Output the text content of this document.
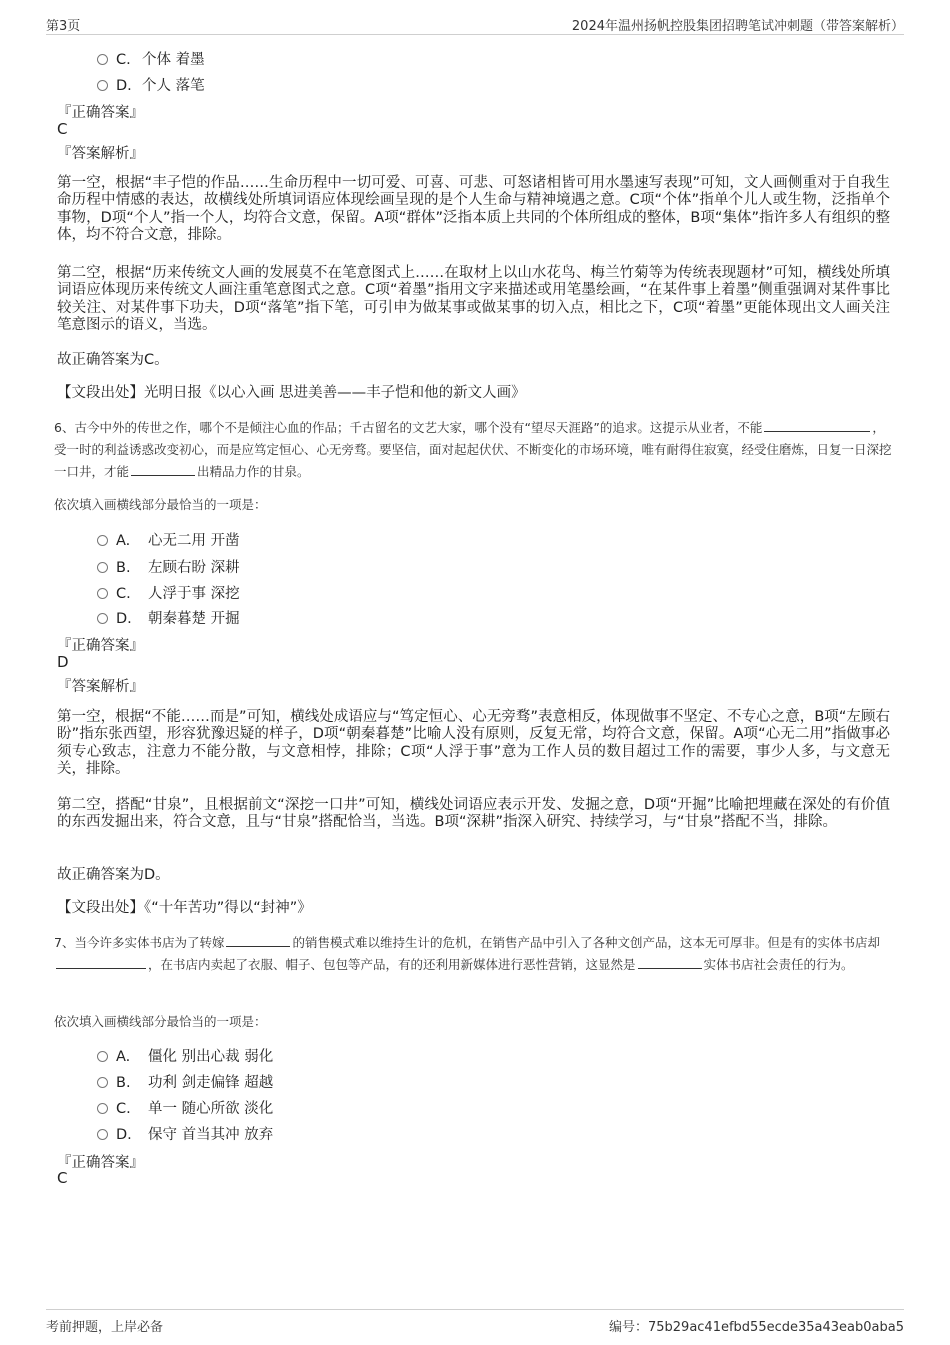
第3页	2024年温州扬帆控股集团招聘笔试冲刺题（带答案解析）
C. 个体 着墨
D. 个人 落笔
『正确答案』
C
『答案解析』
第一空，根据“丰子恺的作品……生命历程中一切可爱、可喜、可悲、可怒诸相皆可用水墨速写表现”可知，文人画侧重对于自我生命历程中情感的表达，故横线处所填词语应体现绘画呈现的是个人生命与精神境遇之意。C项“个体”指单个儿人或生物，泛指单个事物，D项“个人”指一个人，均符合文意，保留。A项“群体”泛指本质上共同的个体所组成的整体，B项“集体”指许多人有组织的整体，均不符合文意，排除。
第二空，根据“历来传统文人画的发展莫不在笔意图式上……在取材上以山水花鸟、梅兰竹菊等为传统表现题材”可知，横线处所填词语应体现历来传统文人画注重笔意图式之意。C项“着墨”指用文字来描述或用笔墨绘画，“在某件事上着墨”侧重强调对某件事比较关注、对某件事下功夫，D项“落笔”指下笔，可引申为做某事或做某事的切入点，相比之下，C项“着墨”更能体现出文人画关注笔意图示的语义，当选。
故正确答案为C。
【文段出处】光明日报《以心入画 思进美善——丰子恺和他的新文人画》
6、古今中外的传世之作，哪个不是倾注心血的作品；千古留名的文艺大家，哪个没有“望尽天涯路”的追求。这提示从业者，不能	，受一时的利益诱惑改变初心，而是应笃定恒心、心无旁骛。要坚信，面对起起伏伏、不断变化的市场环境，唯有耐得住寂寞，经受住磨炼，日复一日深挖一口井，才能	出精品力作的甘泉。
依次填入画横线部分最恰当的一项是：
A. 心无二用 开凿
B. 左顾右盼 深耕
C. 人浮于事 深挖
D. 朝秦暮楚 开掘
『正确答案』
D
『答案解析』
第一空，根据“不能……而是”可知，横线处成语应与“笃定恒心、心无旁骛”表意相反，体现做事不坚定、不专心之意，B项“左顾右盼”指东张西望，形容犹豫迟疑的样子，D项“朝秦暮楚”比喻人没有原则，反复无常，均符合文意，保留。A项“心无二用”指做事必须专心致志，注意力不能分散，与文意相悖，排除；C项“人浮于事”意为工作人员的数目超过工作的需要，事少人多，与文意无关，排除。
第二空，搭配“甘泉”，且根据前文“深挖一口井”可知，横线处词语应表示开发、发掘之意，D项“开掘”比喻把埋藏在深处的有价值的东西发掘出来，符合文意，且与“甘泉”搭配恰当，当选。B项“深耕”指深入研究、持续学习，与“甘泉”搭配不当，排除。
故正确答案为D。
【文段出处】《“十年苦功”得以“封神”》
7、当今许多实体书店为了转嫁	的销售模式难以维持生计的危机，在销售产品中引入了各种文创产品，这本无可厚非。但是有的实体书店却，在书店内卖起了衣服、帽子、包包等产品，有的还利用新媒体进行恶性营销，这显然是	实体书店社会责任的行为。
依次填入画横线部分最恰当的一项是：
A. 僵化 别出心裁 弱化
B. 功利 剑走偏锋 超越
C. 单一 随心所欲 淡化
D. 保守 首当其冲 放弃
『正确答案』
C
考前押题，上岸必备	编号：75b29ac41efbd55ecde35a43eab0aba5
